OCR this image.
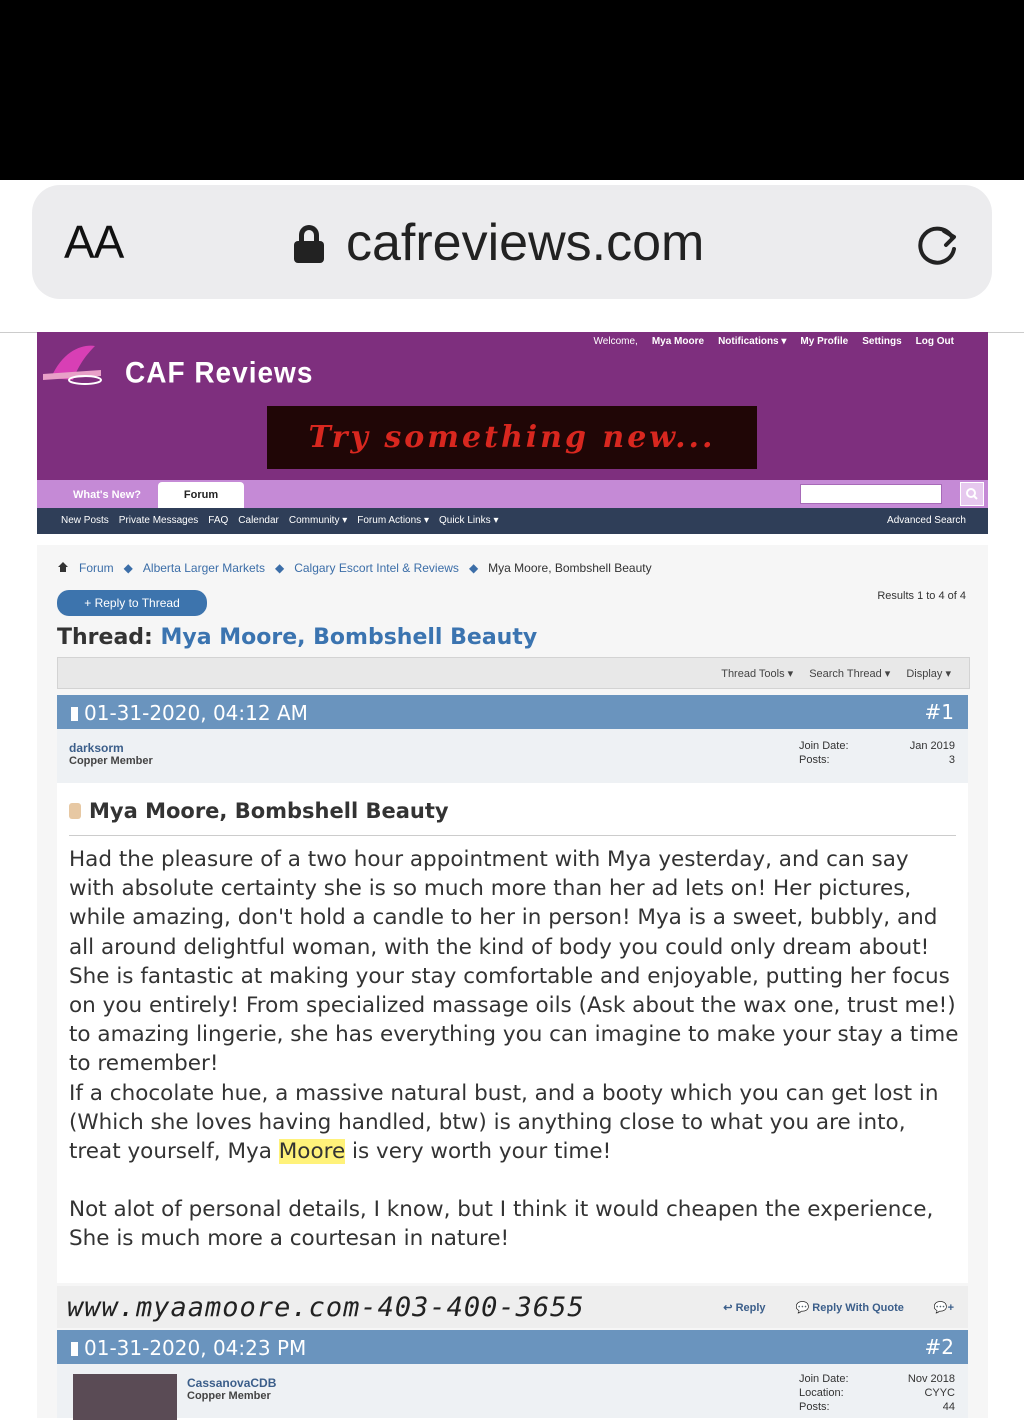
AA	cafreviews.com
CAF Reviews
Welcome, Mya Moore Notifications ▾ My Profile Settings Log Out
Try something new...
What's New?	Forum
New Posts Private Messages FAQ Calendar Community ▾ Forum Actions ▾ Quick Links ▾	Advanced Search
Forum ◆ Alberta Larger Markets ◆ Calgary Escort Intel & Reviews ◆ Mya Moore, Bombshell Beauty
+ Reply to Thread	Results 1 to 4 of 4
Thread: Mya Moore, Bombshell Beauty
Thread Tools ▾ Search Thread ▾ Display ▾
01-31-2020, 04:12 AM	#1
darksorm
Copper Member
Join Date:	Jan 2019
Posts:	3
Mya Moore, Bombshell Beauty
Had the pleasure of a two hour appointment with Mya yesterday, and can say with absolute certainty she is so much more than her ad lets on! Her pictures, while amazing, don't hold a candle to her in person! Mya is a sweet, bubbly, and all around delightful woman, with the kind of body you could only dream about! She is fantastic at making your stay comfortable and enjoyable, putting her focus on you entirely! From specialized massage oils (Ask about the wax one, trust me!) to amazing lingerie, she has everything you can imagine to make your stay a time to remember!
If a chocolate hue, a massive natural bust, and a booty which you can get lost in (Which she loves having handled, btw) is anything close to what you are into, treat yourself, Mya Moore is very worth your time!
Not alot of personal details, I know, but I think it would cheapen the experience, She is much more a courtesan in nature!
www.myaamoore.com-403-400-3655	↩ Reply	💬 Reply With Quote	💬+
01-31-2020, 04:23 PM	#2
CassanovaCDB
Copper Member
Join Date:	Nov 2018
Location:	CYYC
Posts:	44
